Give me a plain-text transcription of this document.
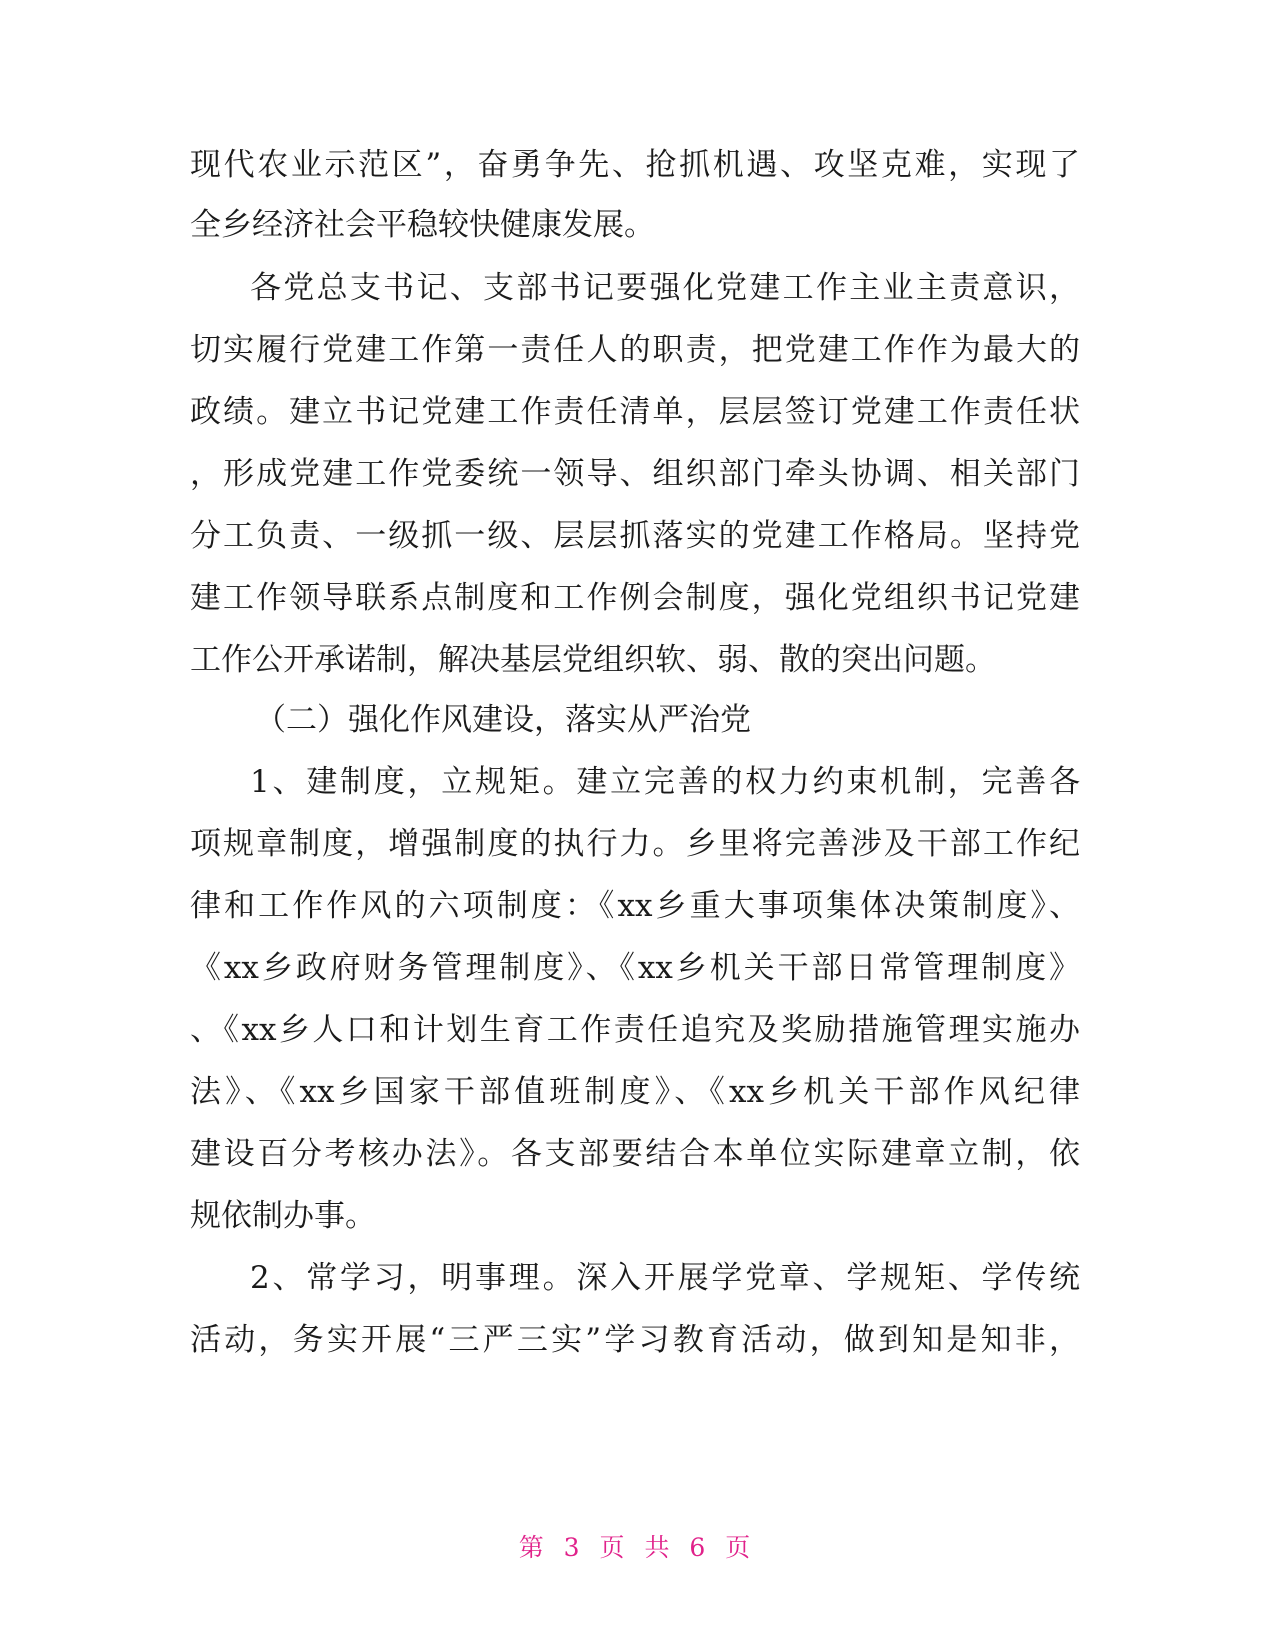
现代农业示范区”，奋勇争先、抢抓机遇、攻坚克难，实现了
全乡经济社会平稳较快健康发展。
各党总支书记、支部书记要强化党建工作主业主责意识，
切实履行党建工作第一责任人的职责，把党建工作作为最大的
政绩。建立书记党建工作责任清单，层层签订党建工作责任状
，形成党建工作党委统一领导、组织部门牵头协调、相关部门
分工负责、一级抓一级、层层抓落实的党建工作格局。坚持党
建工作领导联系点制度和工作例会制度，强化党组织书记党建
工作公开承诺制，解决基层党组织软、弱、散的突出问题。
（二）强化作风建设，落实从严治党
1、建制度，立规矩。建立完善的权力约束机制，完善各
项规章制度，增强制度的执行力。乡里将完善涉及干部工作纪
律和工作作风的六项制度：《xx乡重大事项集体决策制度》、
《xx乡政府财务管理制度》、《xx乡机关干部日常管理制度》
、《xx乡人口和计划生育工作责任追究及奖励措施管理实施办
法》、《xx乡国家干部值班制度》、《xx乡机关干部作风纪律
建设百分考核办法》。各支部要结合本单位实际建章立制，依
规依制办事。
2、常学习，明事理。深入开展学党章、学规矩、学传统
活动，务实开展“三严三实”学习教育活动，做到知是知非，
第 3 页 共 6 页
